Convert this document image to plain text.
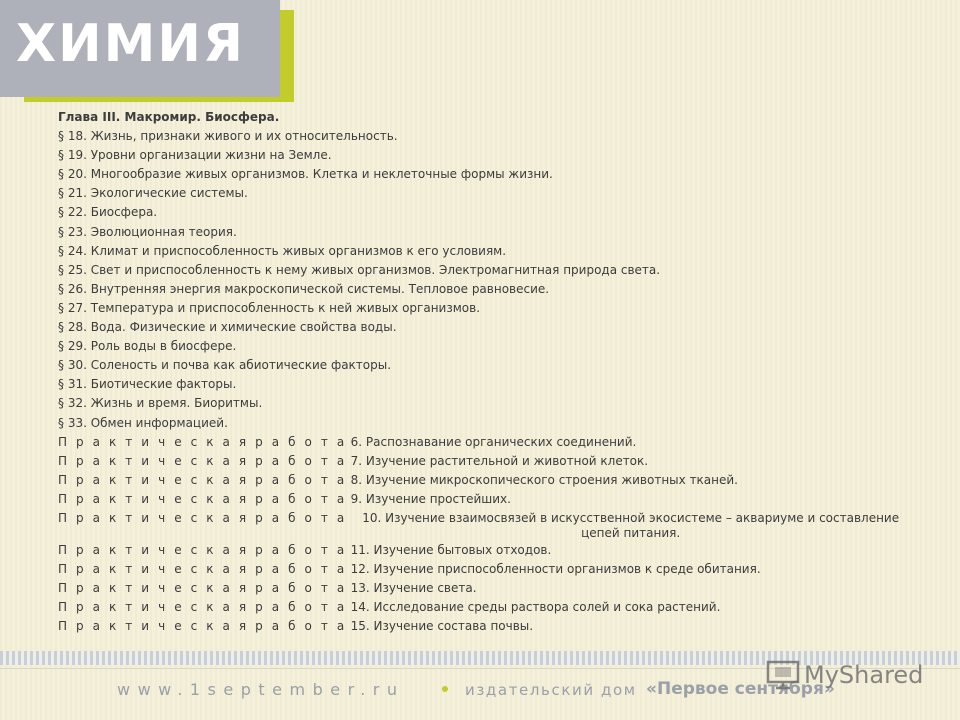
ХИМИЯ
Глава III. Макромир. Биосфера.
§ 18. Жизнь, признаки живого и их относительность.
§ 19. Уровни организации жизни на Земле.
§ 20. Многообразие живых организмов. Клетка и неклеточные формы жизни.
§ 21. Экологические системы.
§ 22. Биосфера.
§ 23. Эволюционная теория.
§ 24. Климат и приспособленность живых организмов к его условиям.
§ 25. Свет и приспособленность к нему живых организмов. Электромагнитная природа света.
§ 26. Внутренняя энергия макроскопической системы. Тепловое равновесие.
§ 27. Температура и приспособленность к ней живых организмов.
§ 28. Вода. Физические и химические свойства воды.
§ 29. Роль воды в биосфере.
§ 30. Соленость и почва как абиотические факторы.
§ 31. Биотические факторы.
§ 32. Жизнь и время. Биоритмы.
§ 33. Обмен информацией.
П р а к т и ч е с к а я р а б о т а 6. Распознавание органических соединений.
П р а к т и ч е с к а я р а б о т а 7. Изучение растительной и животной клеток.
П р а к т и ч е с к а я р а б о т а 8. Изучение микроскопического строения животных тканей.
П р а к т и ч е с к а я р а б о т а 9. Изучение простейших.
П р а к т и ч е с к а я р а б о т а
	10. Изучение взаимосвязей в искусственной экосистеме – аквариуме и составление цепей питания.
П р а к т и ч е с к а я р а б о т а 11. Изучение бытовых отходов.
П р а к т и ч е с к а я р а б о т а 12. Изучение приспособленности организмов к среде обитания.
П р а к т и ч е с к а я р а б о т а 13. Изучение света.
П р а к т и ч е с к а я р а б о т а 14. Исследование среды раствора солей и сока растений.
П р а к т и ч е с к а я р а б о т а 15. Изучение состава почвы.
www.1september.ru	издательский дом «Первое сентября»
MyShared
